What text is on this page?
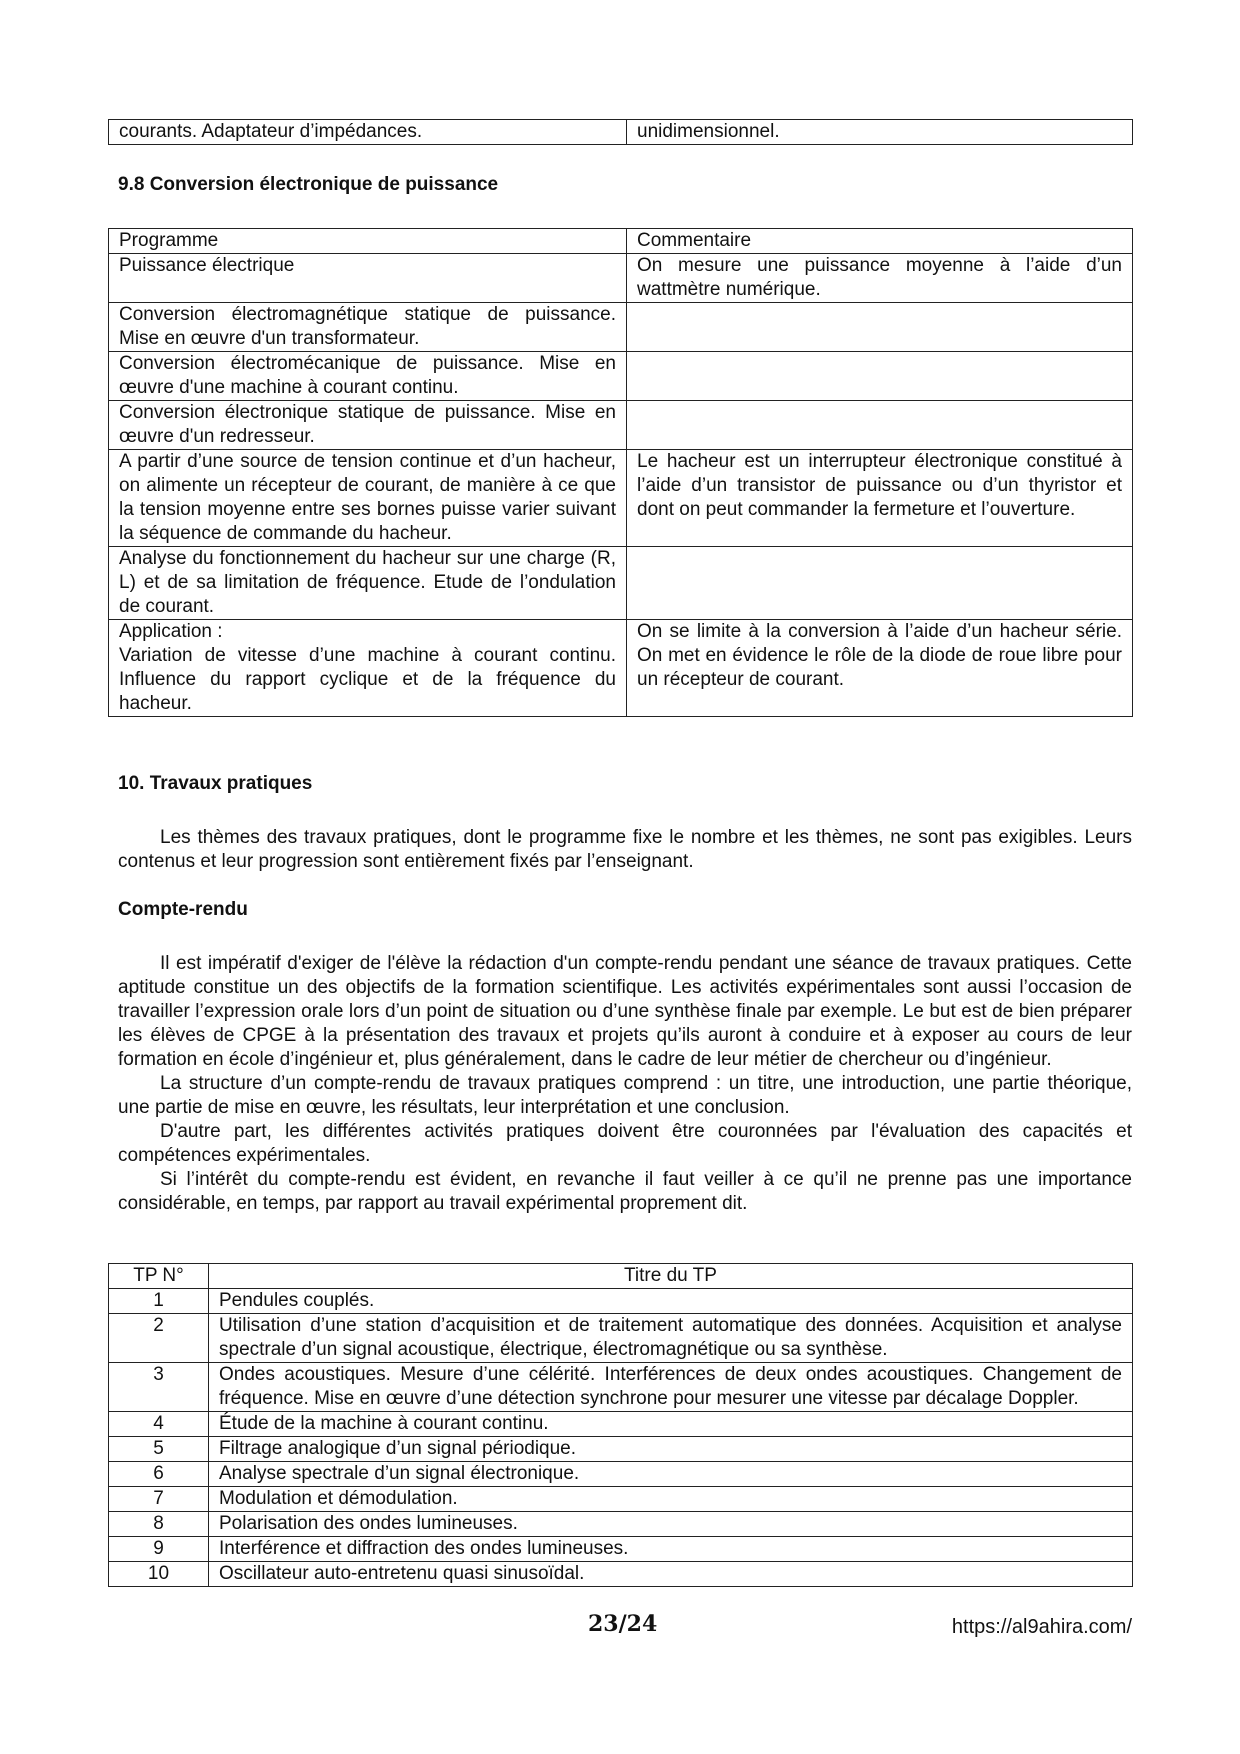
courants. Adaptateur d’impédances.	unidimensionnel.
9.8 Conversion électronique de puissance
Programme	Commentaire
Puissance électrique	On mesure une puissance moyenne à l’aide d’un wattmètre numérique.
Conversion électromagnétique statique de puissance. Mise en œuvre d'un transformateur.	
Conversion électromécanique de puissance. Mise en œuvre d'une machine à courant continu.	
Conversion électronique statique de puissance. Mise en œuvre d'un redresseur.	
A partir d’une source de tension continue et d’un hacheur, on alimente un récepteur de courant, de manière à ce que la tension moyenne entre ses bornes puisse varier suivant la séquence de commande du hacheur.	Le hacheur est un interrupteur électronique constitué à l’aide d’un transistor de puissance ou d’un thyristor et dont on peut commander la fermeture et l’ouverture.
Analyse du fonctionnement du hacheur sur une charge (R, L) et de sa limitation de fréquence. Etude de l’ondulation de courant.	
Application :
Variation de vitesse d’une machine à courant continu. Influence du rapport cyclique et de la fréquence du hacheur.	On se limite à la conversion à l’aide d’un hacheur série. On met en évidence le rôle de la diode de roue libre pour un récepteur de courant.
10. Travaux pratiques

Les thèmes des travaux pratiques, dont le programme fixe le nombre et les thèmes, ne sont pas exigibles. Leurs contenus et leur progression sont entièrement fixés par l’enseignant.

Compte-rendu
Il est impératif d'exiger de l'élève la rédaction d'un compte-rendu pendant une séance de travaux pratiques. Cette aptitude constitue un des objectifs de la formation scientifique. Les activités expérimentales sont aussi l’occasion de travailler l’expression orale lors d’un point de situation ou d’une synthèse finale par exemple. Le but est de bien préparer les élèves de CPGE à la présentation des travaux et projets qu’ils auront à conduire et à exposer au cours de leur formation en école d’ingénieur et, plus généralement, dans le cadre de leur métier de chercheur ou d’ingénieur.
La structure d’un compte-rendu de travaux pratiques comprend : un titre, une introduction, une partie théorique, une partie de mise en œuvre, les résultats, leur interprétation et une conclusion.
D'autre part, les différentes activités pratiques doivent être couronnées par l'évaluation des capacités et compétences expérimentales.
Si l’intérêt du compte-rendu est évident, en revanche il faut veiller à ce qu’il ne prenne pas une importance considérable, en temps, par rapport au travail expérimental proprement dit.
TP N°	Titre du TP
1	Pendules couplés.
2	Utilisation d’une station d’acquisition et de traitement automatique des données. Acquisition et analyse spectrale d’un signal acoustique, électrique, électromagnétique ou sa synthèse.
3	Ondes acoustiques. Mesure d’une célérité. Interférences de deux ondes acoustiques. Changement de fréquence. Mise en œuvre d’une détection synchrone pour mesurer une vitesse par décalage Doppler.
4	Étude de la machine à courant continu.
5	Filtrage analogique d’un signal périodique.
6	Analyse spectrale d’un signal électronique.
7	Modulation et démodulation.
8	Polarisation des ondes lumineuses.
9	Interférence et diffraction des ondes lumineuses.
10	Oscillateur auto-entretenu quasi sinusoïdal.
23/24	https://al9ahira.com/
